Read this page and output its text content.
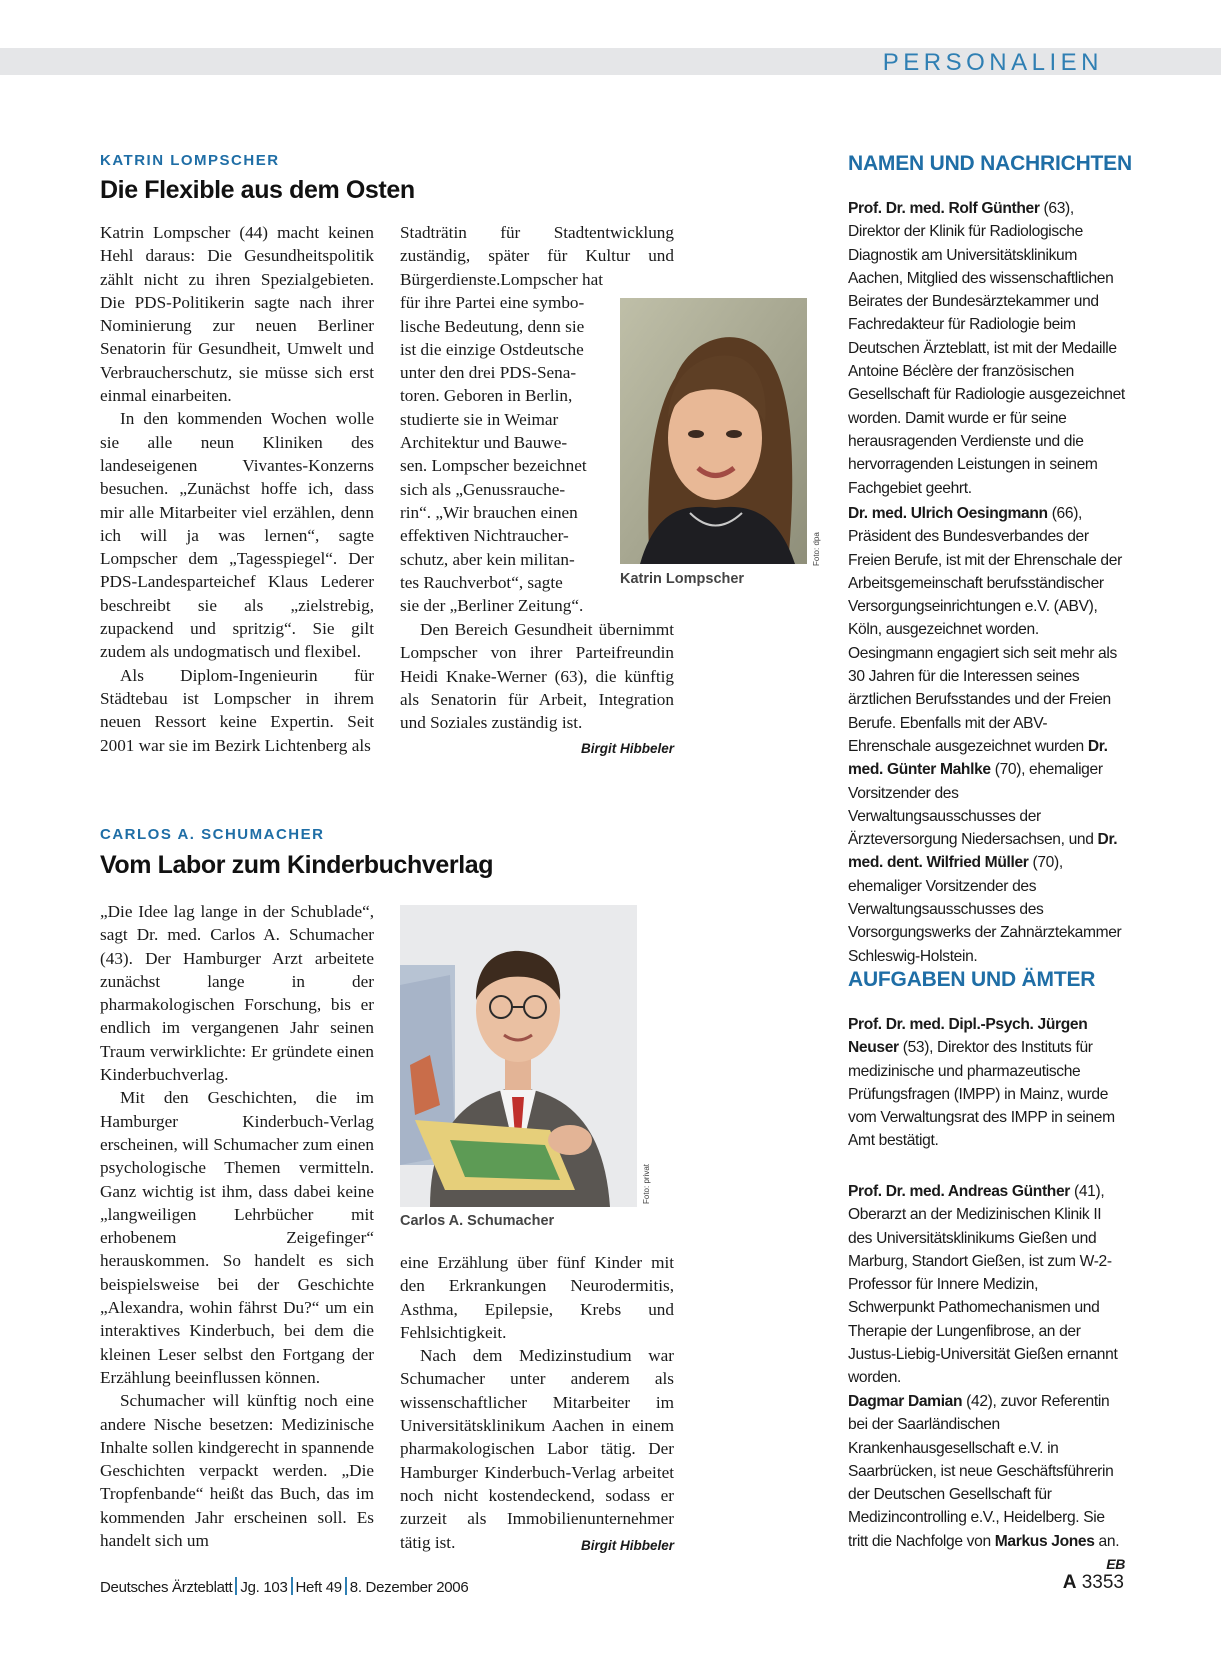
PERSONALIEN
KATRIN LOMPSCHER
Die Flexible aus dem Osten

Katrin Lompscher (44) macht keinen Hehl daraus: Die Gesundheitspolitik zählt nicht zu ihren Spezialgebieten. Die PDS-Politikerin sagte nach ihrer Nominierung zur neuen Berliner Senatorin für Gesundheit, Umwelt und Verbraucherschutz, sie müsse sich erst einmal einarbeiten.

In den kommenden Wochen wolle sie alle neun Kliniken des landeseigenen Vivantes-Konzerns besuchen. „Zunächst hoffe ich, dass mir alle Mitarbeiter viel erzählen, denn ich will ja was lernen“, sagte Lompscher dem „Tagesspiegel“. Der PDS-Landesparteichef Klaus Lederer beschreibt sie als „zielstrebig, zupackend und spritzig“. Sie gilt zudem als undogmatisch und flexibel.

Als Diplom-Ingenieurin für Städtebau ist Lompscher in ihrem neuen Ressort keine Expertin. Seit 2001 war sie im Bezirk Lichtenberg als

Stadträtin für Stadtentwicklung zuständig, später für Kultur und Bürgerdienste. Lompscher hat
für ihre Partei eine symbo-
lische Bedeutung, denn sie
ist die einzige Ostdeutsche
unter den drei PDS-Sena-
toren. Geboren in Berlin,
studierte sie in Weimar
Architektur und Bauwe-
sen. Lompscher bezeichnet
sich als „Genussrauche-
rin“. „Wir brauchen einen
effektiven Nichtraucher-
schutz, aber kein militan-
tes Rauchverbot“, sagte
sie der „Berliner Zeitung“.

Den Bereich Gesundheit übernimmt Lompscher von ihrer Parteifreundin Heidi Knake-Werner (63), die künftig als Senatorin für Arbeit, Integration und Soziales zuständig ist.
Birgit Hibbeler

Katrin Lompscher
Foto: dpa
CARLOS A. SCHUMACHER
Vom Labor zum Kinderbuchverlag

„Die Idee lag lange in der Schublade“, sagt Dr. med. Carlos A. Schumacher (43). Der Hamburger Arzt arbeitete zunächst lange in der pharmakologischen Forschung, bis er endlich im vergangenen Jahr seinen Traum verwirklichte: Er gründete einen Kinderbuchverlag.

Mit den Geschichten, die im Hamburger Kinderbuch-Verlag erscheinen, will Schumacher zum einen psychologische Themen vermitteln. Ganz wichtig ist ihm, dass dabei keine „langweiligen Lehrbücher mit erhobenem Zeigefinger“ herauskommen. So handelt es sich beispielsweise bei der Geschichte „Alexandra, wohin fährst Du?“ um ein interaktives Kinderbuch, bei dem die kleinen Leser selbst den Fortgang der Erzählung beeinflussen können.

Schumacher will künftig noch eine andere Nische besetzen: Medizinische Inhalte sollen kindgerecht in spannende Geschichten verpackt werden. „Die Tropfenbande“ heißt das Buch, das im kommenden Jahr erscheinen soll. Es handelt sich um

Carlos A. Schumacher
Foto: privat

eine Erzählung über fünf Kinder mit den Erkrankungen Neurodermitis, Asthma, Epilepsie, Krebs und Fehlsichtigkeit.

Nach dem Medizinstudium war Schumacher unter anderem als wissenschaftlicher Mitarbeiter im Universitätsklinikum Aachen in einem pharmakologischen Labor tätig. Der Hamburger Kinderbuch-Verlag arbeitet noch nicht kostendeckend, sodass er zurzeit als Immobilienunternehmer tätig ist.	Birgit Hibbeler

NAMEN UND NACHRICHTEN

Prof. Dr. med. Rolf Günther (63), Direktor der Klinik für Radiologische Diagnostik am Universitätsklinikum Aachen, Mitglied des wissenschaftlichen Beirates der Bundesärztekammer und Fachredakteur für Radiologie beim Deutschen Ärzteblatt, ist mit der Medaille Antoine Béclère der französischen Gesellschaft für Radiologie ausgezeichnet worden. Damit wurde er für seine herausragenden Verdienste und die hervorragenden Leistungen in seinem Fachgebiet geehrt.

Dr. med. Ulrich Oesingmann (66), Präsident des Bundesverbandes der Freien Berufe, ist mit der Ehrenschale der Arbeitsgemeinschaft berufsständischer Versorgungseinrichtungen e.V. (ABV), Köln, ausgezeichnet worden. Oesingmann engagiert sich seit mehr als 30 Jahren für die Interessen seines ärztlichen Berufsstandes und der Freien Berufe. Ebenfalls mit der ABV-Ehrenschale ausgezeichnet wurden Dr. med. Günter Mahlke (70), ehemaliger Vorsitzender des Verwaltungsausschusses der Ärzteversorgung Niedersachsen, und Dr. med. dent. Wilfried Müller (70), ehemaliger Vorsitzender des Verwaltungsausschusses des Vorsorgungswerks der Zahnärztekammer Schleswig-Holstein.

AUFGABEN UND ÄMTER

Prof. Dr. med. Dipl.-Psych. Jürgen Neuser (53), Direktor des Instituts für medizinische und pharmazeutische Prüfungsfragen (IMPP) in Mainz, wurde vom Verwaltungsrat des IMPP in seinem Amt bestätigt.

Prof. Dr. med. Andreas Günther (41), Oberarzt an der Medizinischen Klinik II des Universitätsklinikums Gießen und Marburg, Standort Gießen, ist zum W-2-Professor für Innere Medizin, Schwerpunkt Pathomechanismen und Therapie der Lungenfibrose, an der Justus-Liebig-Universität Gießen ernannt worden.

Dagmar Damian (42), zuvor Referentin bei der Saarländischen Krankenhausgesellschaft e.V. in Saarbrücken, ist neue Geschäftsführerin der Deutschen Gesellschaft für Medizincontrolling e.V., Heidelberg. Sie tritt die Nachfolge von Markus Jones an.
EB

Deutsches Ärzteblatt Jg. 103 Heft 49 8. Dezember 2006	A 3353
